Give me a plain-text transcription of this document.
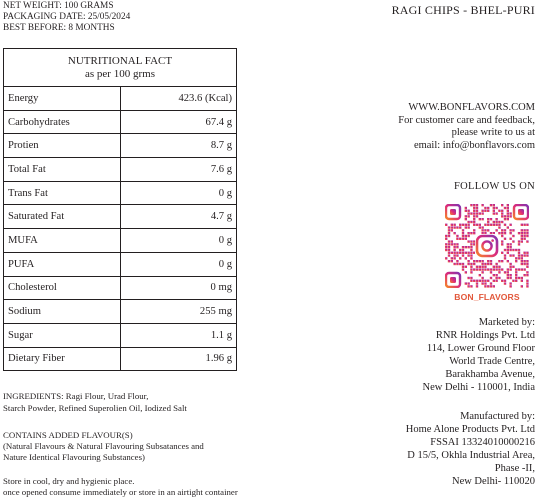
NET WEIGHT: 100 GRAMS
PACKAGING DATE: 25/05/2024
BEST BEFORE: 8 MONTHS
RAGI CHIPS - BHEL-PURI
NUTRITIONAL FACT
as per 100 grms
Energy	423.6 (Kcal)
Carbohydrates	67.4 g
Protien	8.7 g
Total Fat	7.6 g
Trans Fat	0 g
Saturated Fat	4.7 g
MUFA	0 g
PUFA	0 g
Cholesterol	0 mg
Sodium	255 mg
Sugar	1.1 g
Dietary Fiber	1.96 g
INGREDIENTS: Ragi Flour, Urad Flour,
Starch Powder, Refined Superolien Oil, Iodized Salt
CONTAINS ADDED FLAVOUR(S)
(Natural Flavours & Natural Flavouring Subsatances and
Nature Identical Flavouring Substances)
Store in cool, dry and hygienic place.
once opened consume immediately or store in an airtight container
WWW.BONFLAVORS.COM
For customer care and feedback,
please write to us at
email: info@bonflavors.com
FOLLOW US ON
BON_FLAVORS
Marketed by:
RNR Holdings Pvt. Ltd
114, Lower Ground Floor
World Trade Centre,
Barakhamba Avenue,
New Delhi - 110001, India
Manufactured by:
Home Alone Products Pvt. Ltd
FSSAI 13324010000216
D 15/5, Okhla Industrial Area,
Phase -II,
New Delhi- 110020
